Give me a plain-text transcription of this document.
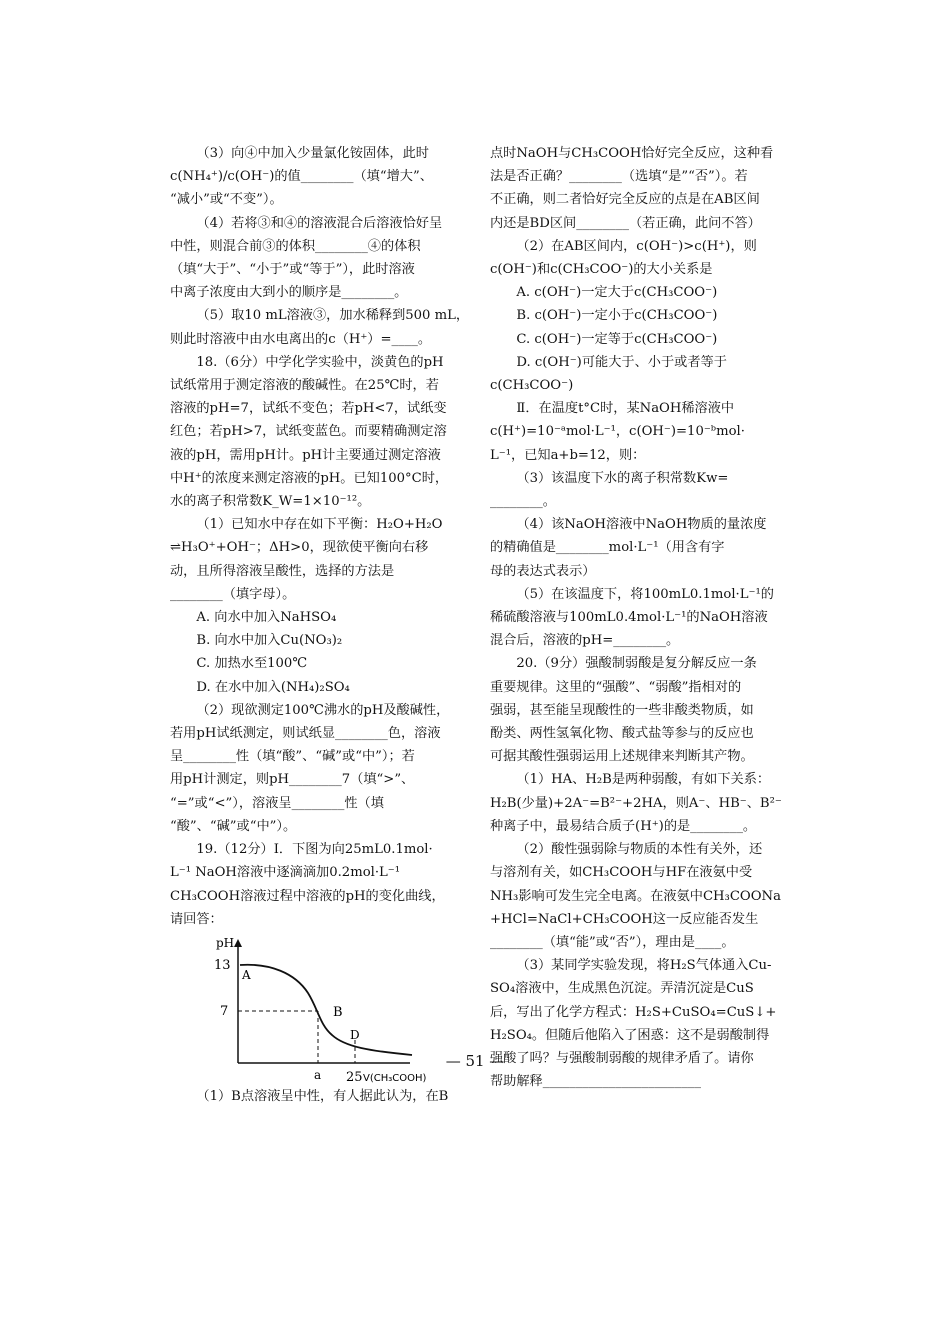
（3）向④中加入少量氯化铵固体，此时
c(NH₄⁺)/c(OH⁻)的值________（填“增大”、
“减小”或“不变”）。
（4）若将③和④的溶液混合后溶液恰好呈
中性，则混合前③的体积________④的体积
（填“大于”、“小于”或“等于”），此时溶液
中离子浓度由大到小的顺序是________。
（5）取10 mL溶液③，加水稀释到500 mL，
则此时溶液中由水电离出的c（H⁺）=____。
18.（6分）中学化学实验中，淡黄色的pH
试纸常用于测定溶液的酸碱性。在25℃时，若
溶液的pH=7，试纸不变色；若pH<7，试纸变
红色；若pH>7，试纸变蓝色。而要精确测定溶
液的pH，需用pH计。pH计主要通过测定溶液
中H⁺的浓度来测定溶液的pH。已知100°C时，
水的离子积常数K_W=1×10⁻¹²。
（1）已知水中存在如下平衡：H₂O+H₂O
⇌H₃O⁺+OH⁻；ΔH>0，现欲使平衡向右移
动，且所得溶液呈酸性，选择的方法是
________（填字母）。
A. 向水中加入NaHSO₄
B. 向水中加入Cu(NO₃)₂
C. 加热水至100℃
D. 在水中加入(NH₄)₂SO₄
（2）现欲测定100℃沸水的pH及酸碱性，
若用pH试纸测定，则试纸显________色，溶液
呈________性（填“酸”、“碱”或“中”）；若
用pH计测定，则pH________7（填“>”、
“=”或“<”），溶液呈________性（填
“酸”、“碱”或“中”）。
19.（12分）Ⅰ．下图为向25mL0.1mol·
L⁻¹ NaOH溶液中逐滴滴加0.2mol·L⁻¹
CH₃COOH溶液过程中溶液的pH的变化曲线，
请回答：
pH
13
7
A
B
D
a 25 V(CH₃COOH)
（1）B点溶液呈中性，有人据此认为，在B
点时NaOH与CH₃COOH恰好完全反应，这种看
法是否正确？________（选填“是”“否”）。若
不正确，则二者恰好完全反应的点是在AB区间
内还是BD区间________（若正确，此问不答）
（2）在AB区间内，c(OH⁻)>c(H⁺)，则
c(OH⁻)和c(CH₃COO⁻)的大小关系是
A. c(OH⁻)一定大于c(CH₃COO⁻)
B. c(OH⁻)一定小于c(CH₃COO⁻)
C. c(OH⁻)一定等于c(CH₃COO⁻)
D. c(OH⁻)可能大于、小于或者等于
c(CH₃COO⁻)
Ⅱ．在温度t°C时，某NaOH稀溶液中
c(H⁺)=10⁻ᵃmol·L⁻¹，c(OH⁻)=10⁻ᵇmol·
L⁻¹，已知a+b=12，则：
（3）该温度下水的离子积常数Kw=
________。
（4）该NaOH溶液中NaOH物质的量浓度
的精确值是________mol·L⁻¹（用含有字
母的表达式表示）
（5）在该温度下，将100mL0.1mol·L⁻¹的
稀硫酸溶液与100mL0.4mol·L⁻¹的NaOH溶液
混合后，溶液的pH=________。
20.（9分）强酸制弱酸是复分解反应一条
重要规律。这里的“强酸”、“弱酸”指相对的
强弱，甚至能呈现酸性的一些非酸类物质，如
酚类、两性氢氧化物、酸式盐等参与的反应也
可据其酸性强弱运用上述规律来判断其产物。
（1）HA、H₂B是两种弱酸，有如下关系：
H₂B(少量)+2A⁻=B²⁻+2HA，则A⁻、HB⁻、B²⁻
种离子中，最易结合质子(H⁺)的是________。
（2）酸性强弱除与物质的本性有关外，还
与溶剂有关，如CH₃COOH与HF在液氨中受
NH₃影响可发生完全电离。在液氨中CH₃COONa
+HCl=NaCl+CH₃COOH这一反应能否发生
________（填“能”或“否”），理由是____。
（3）某同学实验发现，将H₂S气体通入Cu-
SO₄溶液中，生成黑色沉淀。弄清沉淀是CuS
后，写出了化学方程式：H₂S+CuSO₄=CuS↓+
H₂SO₄。但随后他陷入了困惑：这不是弱酸制得
强酸了吗？与强酸制弱酸的规律矛盾了。请你
帮助解释________________________
— 51 —
